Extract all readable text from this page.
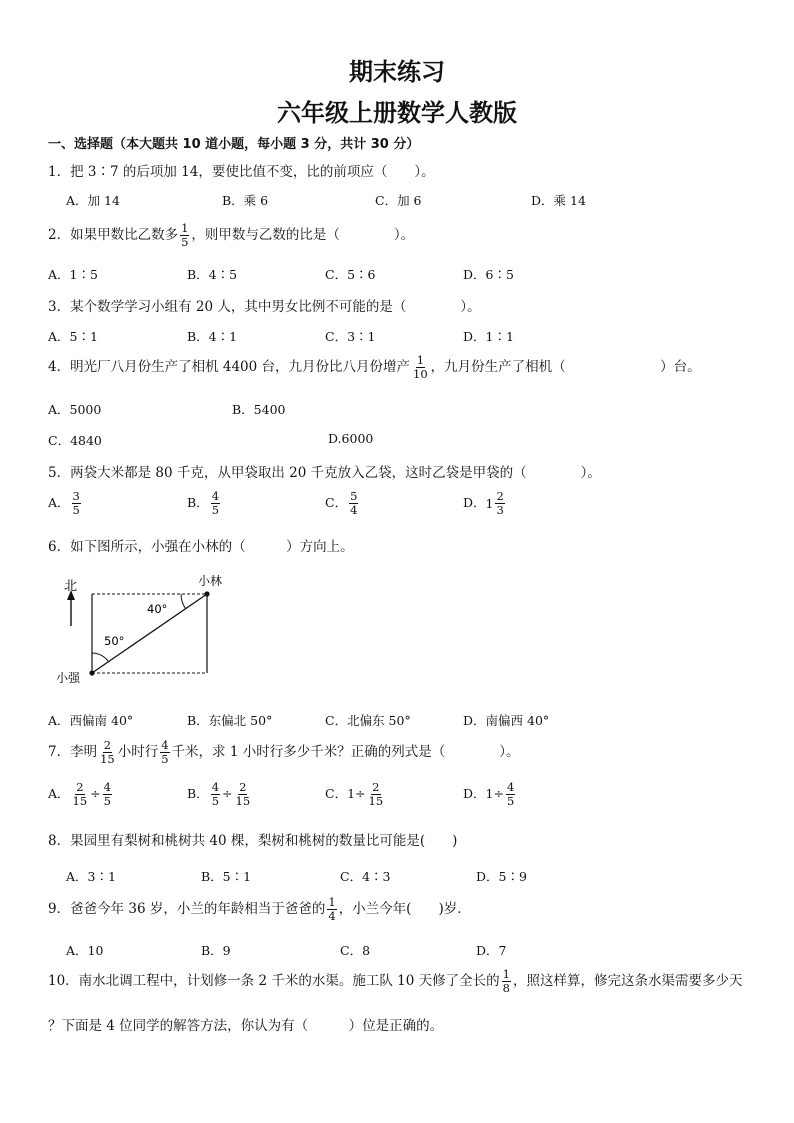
期末练习
六年级上册数学人教版
一、选择题（本大题共 10 道小题，每小题 3 分，共计 30 分）
1．把 3∶7 的后项加 14，要使比值不变，比的前项应（　　）。
A．加 14	B．乘 6	C．加 6	D．乘 14
2．如果甲数比乙数多 $\frac{1}{5}$ ，则甲数与乙数的比是（　　　　）。
A．1∶5	B．4∶5	C．5∶6	D．6∶5
3．某个数学学习小组有 20 人，其中男女比例不可能的是（　　　　）。
A．5∶1	B．4∶1	C．3∶1	D．1∶1
4．明光厂八月份生产了相机 4400 台，九月份比八月份增产 $\frac{1}{10}$ ，九月份生产了相机（　　　　　　　）台。
A．5000	B．5400
C．4840	D.6000
5．两袋大米都是 80 千克，从甲袋取出 20 千克放入乙袋，这时乙袋是甲袋的（　　　　）。
A． $\frac{3}{5}$	B． $\frac{4}{5}$	C． $\frac{5}{4}$	D． $1 \frac{2}{3}$
6．如下图所示，小强在小林的（　　　）方向上。
北	小林
小强
40°
50°
A．西偏南 40°	B．东偏北 50°	C．北偏东 50°	D．南偏西 40°
7．李明 $\frac{2}{15}$ 小时行 $\frac{4}{5}$ 千米，求 1 小时行多少千米？正确的列式是（　　　　）。
A． $\frac{2}{15} \div \frac{4}{5}$	B． $\frac{4}{5} \div \frac{2}{15}$	C．$1\div \frac{2}{15}$	D．$1\div \frac{4}{5}$
8．果园里有梨树和桃树共 40 棵，梨树和桃树的数量比可能是(　　)
A．3∶1	B．5∶1	C．4∶3	D．5∶9
9．爸爸今年 36 岁，小兰的年龄相当于爸爸的 $\frac{1}{4}$ ，小兰今年(　　)岁．
A．10	B．9	C．8	D．7
10．南水北调工程中，计划修一条 2 千米的水渠。施工队 10 天修了全长的 $\frac{1}{8}$ ，照这样算，修完这条水渠需要多少天
？下面是 4 位同学的解答方法，你认为有（　　　）位是正确的。
